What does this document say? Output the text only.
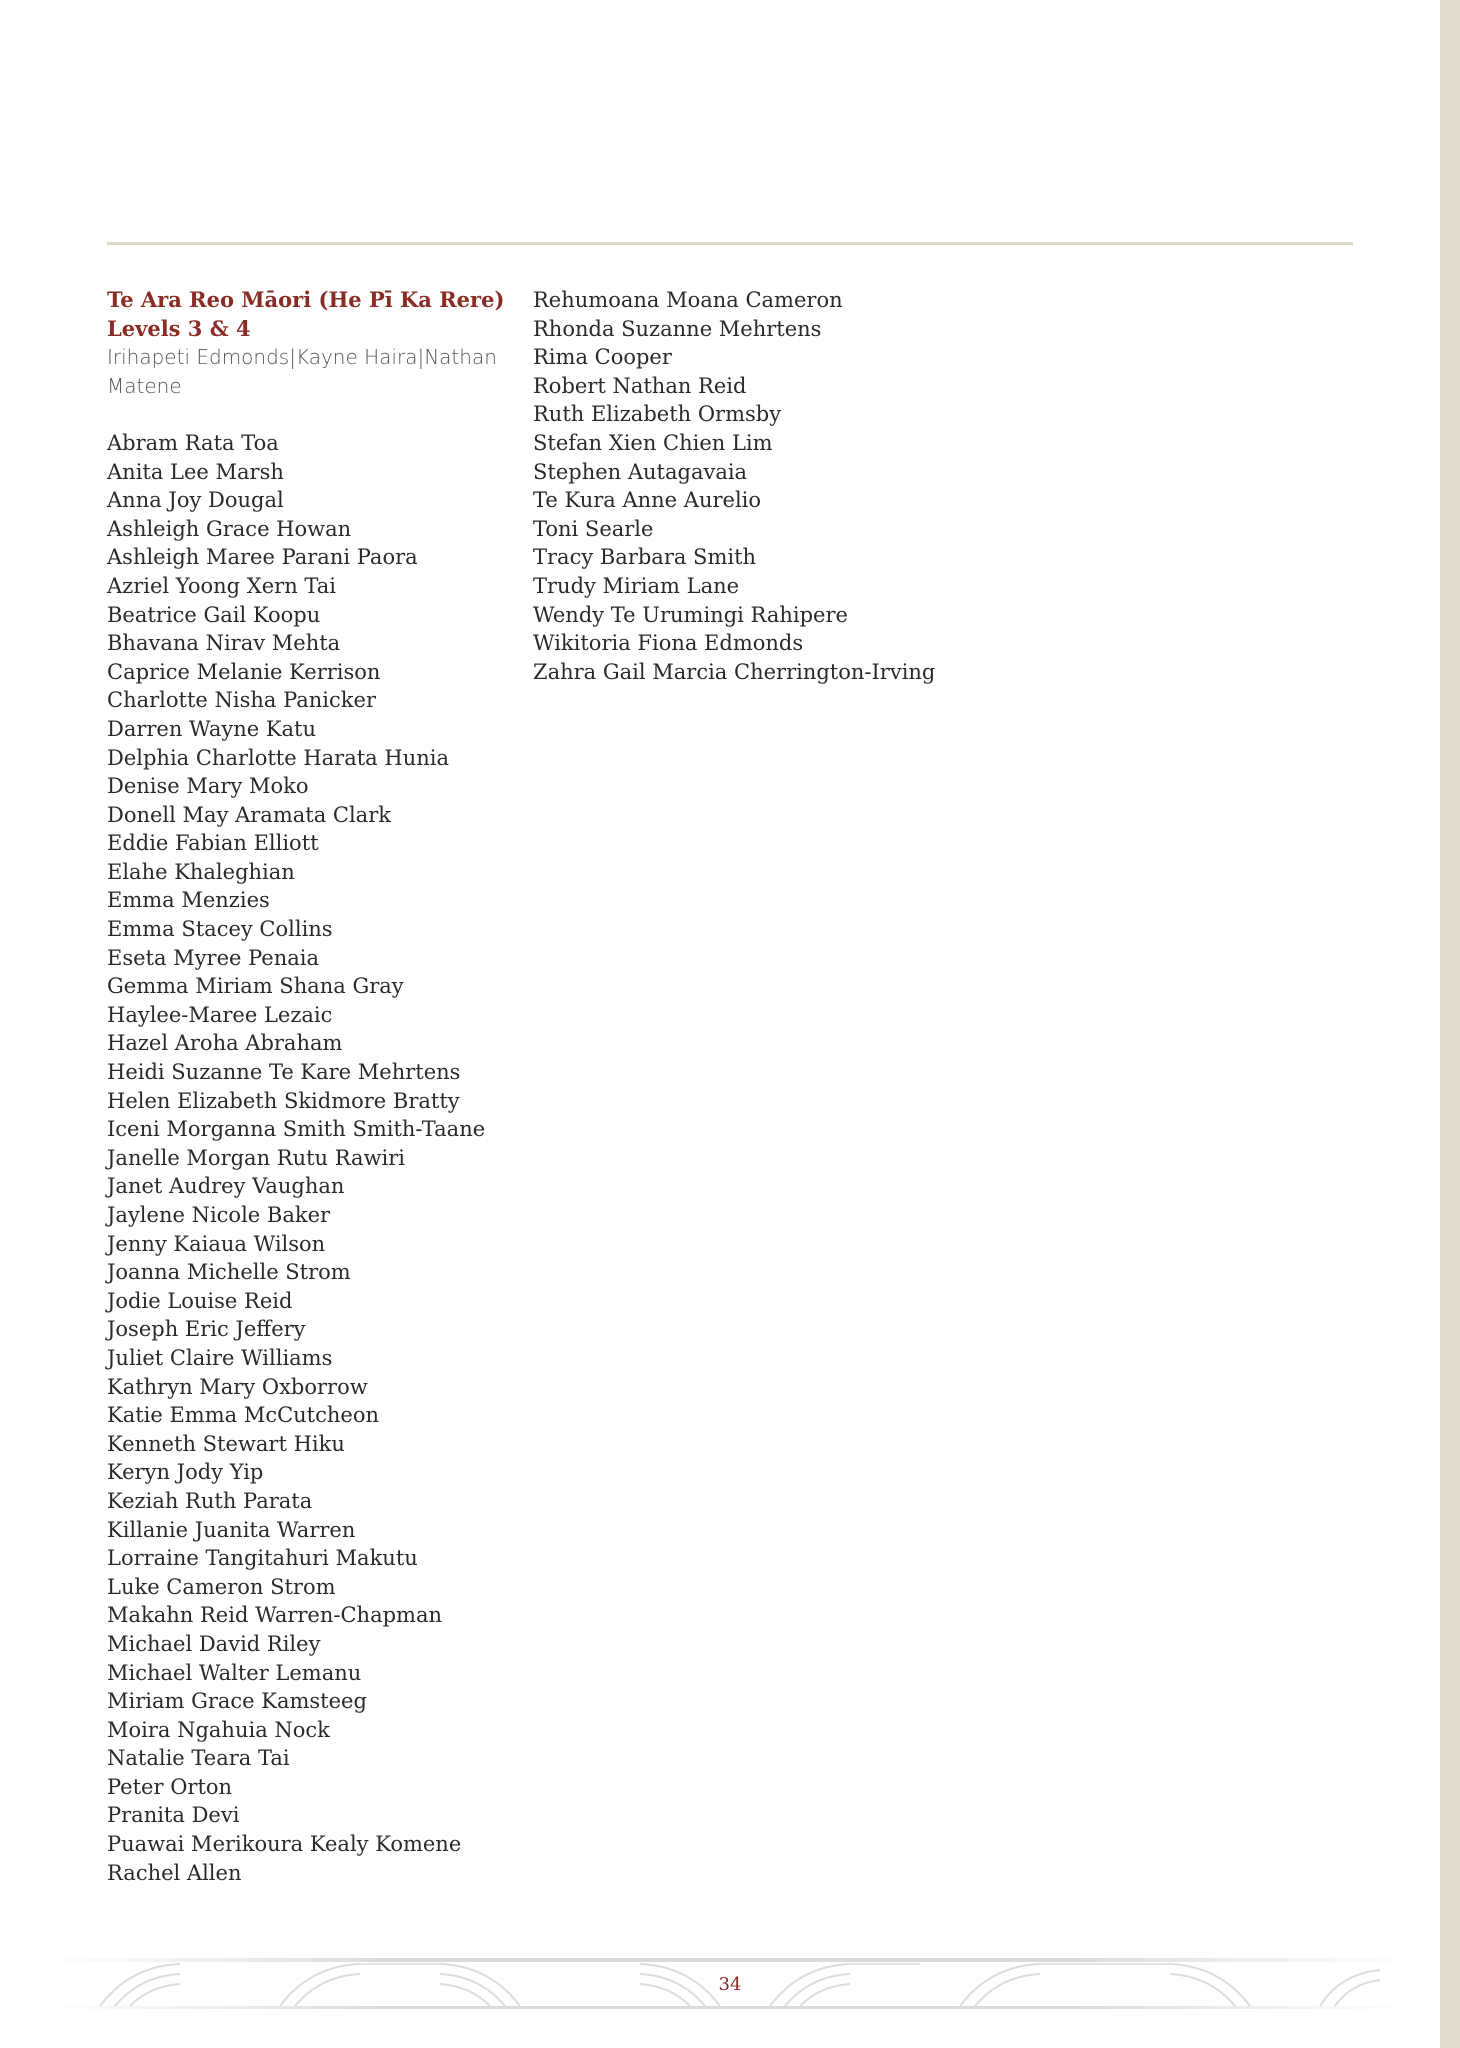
Te Ara Reo Māori (He Pī Ka Rere)
Levels 3 & 4
Irihapeti Edmonds|Kayne Haira|Nathan Matene
Abram Rata Toa
Anita Lee Marsh
Anna Joy Dougal
Ashleigh Grace Howan
Ashleigh Maree Parani Paora
Azriel Yoong Xern Tai
Beatrice Gail Koopu
Bhavana Nirav Mehta
Caprice Melanie Kerrison
Charlotte Nisha Panicker
Darren Wayne Katu
Delphia Charlotte Harata Hunia
Denise Mary Moko
Donell May Aramata Clark
Eddie Fabian Elliott
Elahe Khaleghian
Emma Menzies
Emma Stacey Collins
Eseta Myree Penaia
Gemma Miriam Shana Gray
Haylee-Maree Lezaic
Hazel Aroha Abraham
Heidi Suzanne Te Kare Mehrtens
Helen Elizabeth Skidmore Bratty
Iceni Morganna Smith Smith-Taane
Janelle Morgan Rutu Rawiri
Janet Audrey Vaughan
Jaylene Nicole Baker
Jenny Kaiaua Wilson
Joanna Michelle Strom
Jodie Louise Reid
Joseph Eric Jeffery
Juliet Claire Williams
Kathryn Mary Oxborrow
Katie Emma McCutcheon
Kenneth Stewart Hiku
Keryn Jody Yip
Keziah Ruth Parata
Killanie Juanita Warren
Lorraine Tangitahuri Makutu
Luke Cameron Strom
Makahn Reid Warren-Chapman
Michael David Riley
Michael Walter Lemanu
Miriam Grace Kamsteeg
Moira Ngahuia Nock
Natalie Teara Tai
Peter Orton
Pranita Devi
Puawai Merikoura Kealy Komene
Rachel Allen
Rehumoana Moana Cameron
Rhonda Suzanne Mehrtens
Rima Cooper
Robert Nathan Reid
Ruth Elizabeth Ormsby
Stefan Xien Chien Lim
Stephen Autagavaia
Te Kura Anne Aurelio
Toni Searle
Tracy Barbara Smith
Trudy Miriam Lane
Wendy Te Urumingi Rahipere
Wikitoria Fiona Edmonds
Zahra Gail Marcia Cherrington-Irving
34
